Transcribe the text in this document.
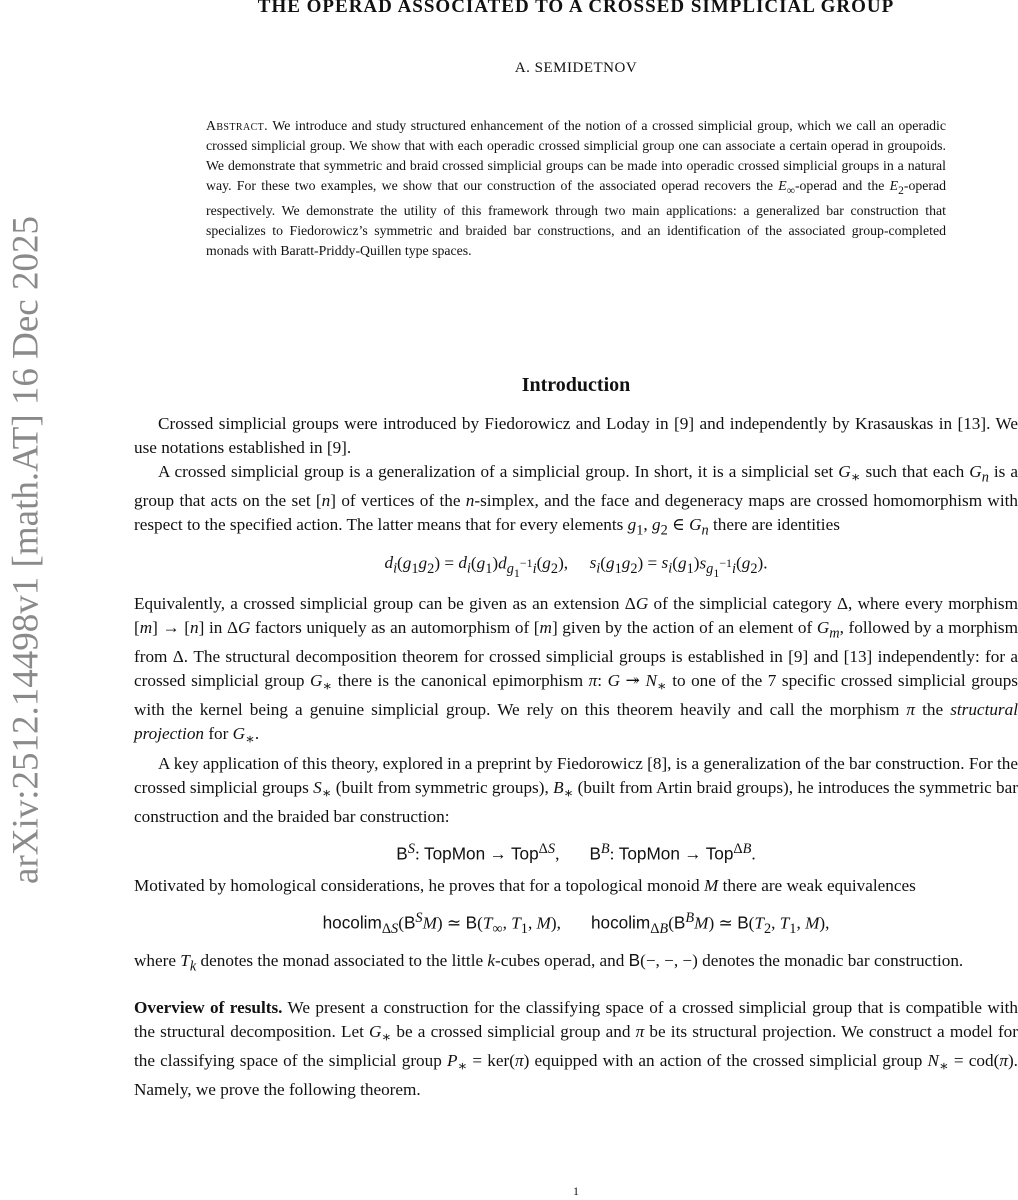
arXiv:2512.14498v1 [math.AT] 16 Dec 2025
THE OPERAD ASSOCIATED TO A CROSSED SIMPLICIAL GROUP
A. SEMIDETNOV
Abstract. We introduce and study structured enhancement of the notion of a crossed simplicial group, which we call an operadic crossed simplicial group. We show that with each operadic crossed simplicial group one can associate a certain operad in groupoids. We demonstrate that symmetric and braid crossed simplicial groups can be made into operadic crossed simplicial groups in a natural way. For these two examples, we show that our construction of the associated operad recovers the $E_\infty$-operad and the $E_2$-operad respectively. We demonstrate the utility of this framework through two main applications: a generalized bar construction that specializes to Fiedorowicz’s symmetric and braided bar constructions, and an identification of the associated group-completed monads with Baratt-Priddy-Quillen type spaces.
Introduction

Crossed simplicial groups were introduced by Fiedorowicz and Loday in [9] and independently by Krasauskas in [13]. We use notations established in [9].

A crossed simplicial group is a generalization of a simplicial group. In short, it is a simplicial set $G_∗$ such that each $G_n$ is a group that acts on the set [n] of vertices of the n-simplex, and the face and degeneracy maps are crossed homomorphism with respect to the specified action. The latter means that for every elements $g_1$, $g_2$ ∈ $G_n$ there are identities

$d_i(g_1g_2) = d_i(g_1)d_{g_1^{-1}i}(g_2)$,     $s_i(g_1g_2) = s_i(g_1)s_{g_1^{-1}i}(g_2)$.

Equivalently, a crossed simplicial group can be given as an extension ΔG of the simplicial category Δ, where every morphism [m] → [n] in ΔG factors uniquely as an automorphism of [m] given by the action of an element of $G_m$, followed by a morphism from Δ. The structural decomposition theorem for crossed simplicial groups is established in [9] and [13] independently: for a crossed simplicial group $G_∗$ there is the canonical epimorphism π: G ↠ $N_∗$ to one of the 7 specific crossed simplicial groups with the kernel being a genuine simplicial group. We rely on this theorem heavily and call the morphism π the structural projection for $G_∗$.

A key application of this theory, explored in a preprint by Fiedorowicz [8], is a generalization of the bar construction. For the crossed simplicial groups $S_∗$ (built from symmetric groups), $B_∗$ (built from Artin braid groups), he introduces the symmetric bar construction and the braided bar construction:

$B^S$: TopMon → Top$^{\Delta S}$,       $B^B$: TopMon → Top$^{\Delta B}$.

Motivated by homological considerations, he proves that for a topological monoid M there are weak equivalences

$hocolim_{\Delta S}(B^SM)$ ≃ $B(T_\infty$, $T_1$, M),       $hocolim_{\Delta B}(B^BM)$ ≃ $B(T_2$, $T_1$, M),

where $T_k$ denotes the monad associated to the little k-cubes operad, and B(−, −, −) denotes the monadic bar construction.

Overview of results. We present a construction for the classifying space of a crossed simplicial group that is compatible with the structural decomposition. Let $G_∗$ be a crossed simplicial group and π be its structural projection. We construct a model for the classifying space of the simplicial group $P_∗ = ker(\pi)$ equipped with an action of the crossed simplicial group $N_∗ = cod(\pi)$. Namely, we prove the following theorem.

1
